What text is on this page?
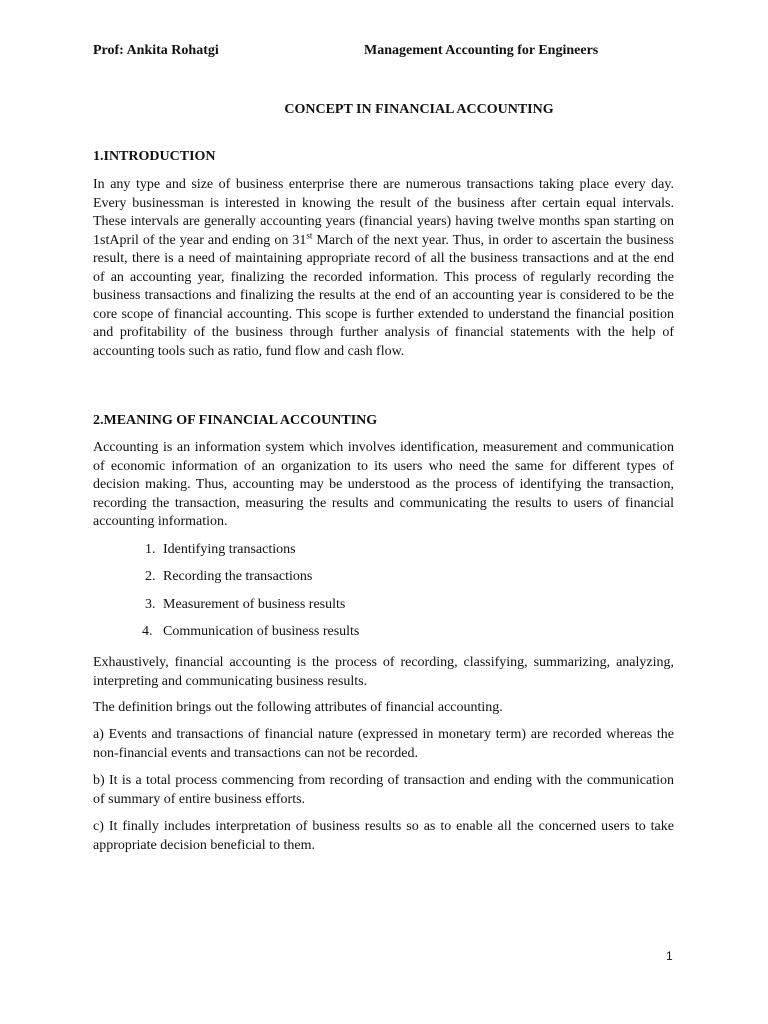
Prof: Ankita Rohatgi	Management Accounting for Engineers
CONCEPT IN FINANCIAL ACCOUNTING
1.INTRODUCTION

In any type and size of business enterprise there are numerous transactions taking place every day. Every businessman is interested in knowing the result of the business after certain equal intervals. These intervals are generally accounting years (financial years) having twelve months span starting on 1stApril of the year and ending on 31st March of the next year. Thus, in order to ascertain the business result, there is a need of maintaining appropriate record of all the business transactions and at the end of an accounting year, finalizing the recorded information. This process of regularly recording the business transactions and finalizing the results at the end of an accounting year is considered to be the core scope of financial accounting. This scope is further extended to understand the financial position and profitability of the business through further analysis of financial statements with the help of accounting tools such as ratio, fund flow and cash flow.

2.MEANING OF FINANCIAL ACCOUNTING

Accounting is an information system which involves identification, measurement and communication of economic information of an organization to its users who need the same for different types of decision making. Thus, accounting may be understood as the process of identifying the transaction, recording the transaction, measuring the results and communicating the results to users of financial accounting information.

1. Identifying transactions
2. Recording the transactions
3. Measurement of business results
4. Communication of business results

Exhaustively, financial accounting is the process of recording, classifying, summarizing, analyzing, interpreting and communicating business results.

The definition brings out the following attributes of financial accounting.

a) Events and transactions of financial nature (expressed in monetary term) are recorded whereas the non-financial events and transactions can not be recorded.

b) It is a total process commencing from recording of transaction and ending with the communication of summary of entire business efforts.

c) It finally includes interpretation of business results so as to enable all the concerned users to take appropriate decision beneficial to them.

1
